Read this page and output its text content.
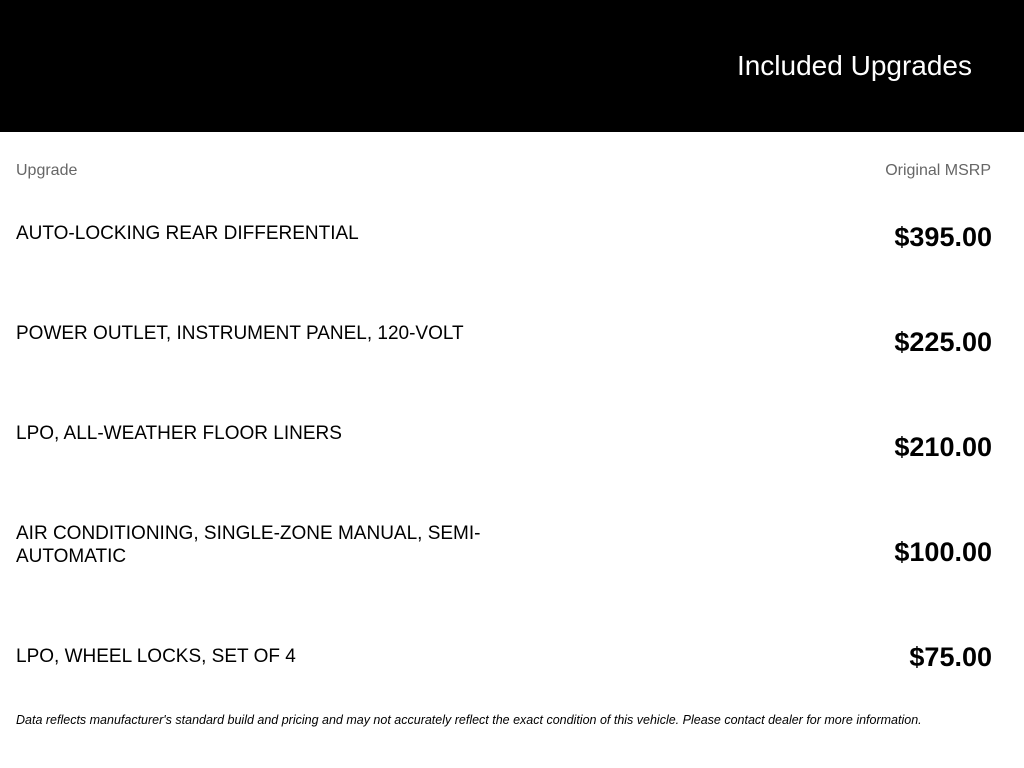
Included Upgrades
Upgrade	Original MSRP
AUTO-LOCKING REAR DIFFERENTIAL	$395.00
POWER OUTLET, INSTRUMENT PANEL, 120-VOLT	$225.00
LPO, ALL-WEATHER FLOOR LINERS	$210.00
AIR CONDITIONING, SINGLE-ZONE MANUAL, SEMI-AUTOMATIC	$100.00
LPO, WHEEL LOCKS, SET OF 4	$75.00

Data reflects manufacturer's standard build and pricing and may not accurately reflect the exact condition of this vehicle. Please contact dealer for more information.
